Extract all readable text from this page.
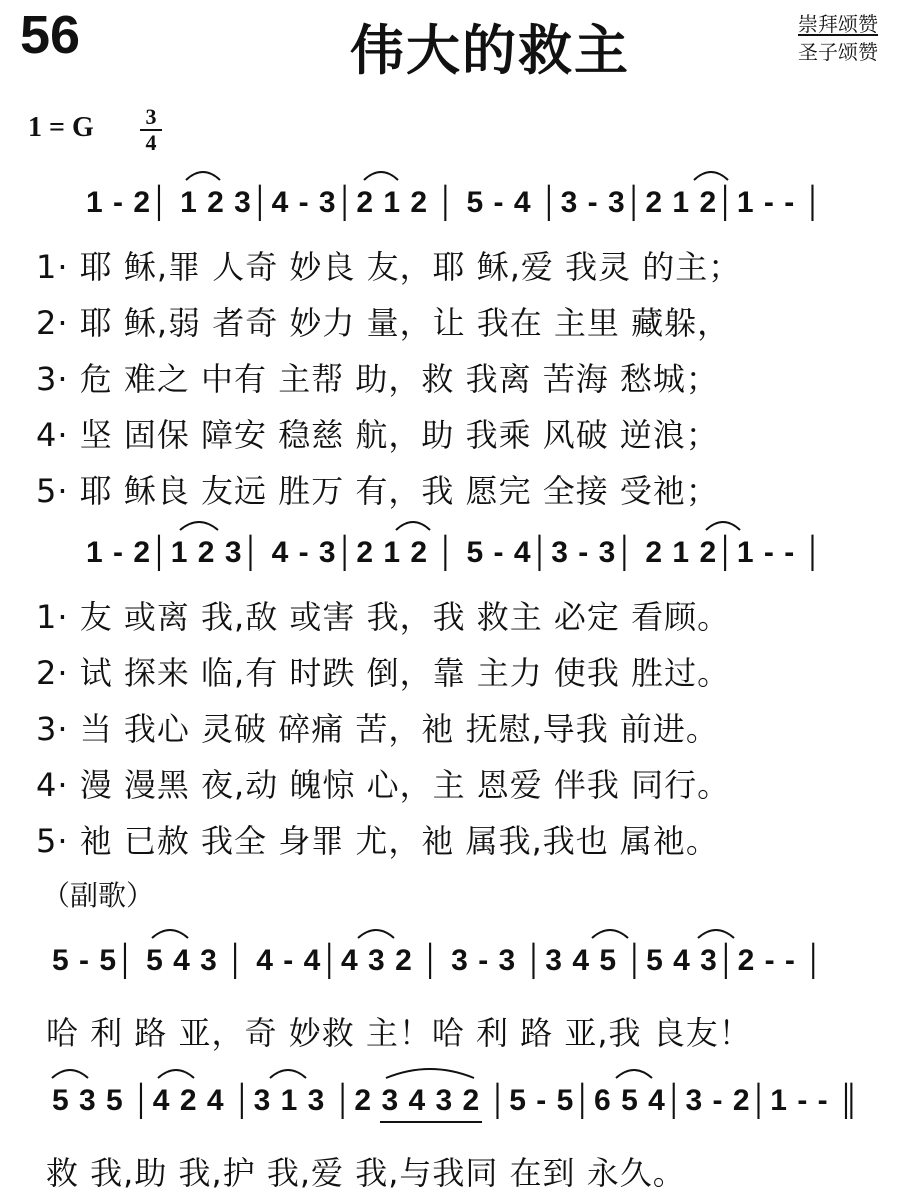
56	伟大的救主	崇拜颂赞
圣子颂赞
1 = G 3
4
1 - 2│ 1 2 3│4 - 3│2 1 2 │ 5 - 4 │3 - 3│2 1 2│1 - - │
1· 耶 稣,罪 人奇 妙良 友，耶 稣,爱 我灵 的主；
2· 耶 稣,弱 者奇 妙力 量，让 我在 主里 藏躲，
3· 危 难之 中有 主帮 助，救 我离 苦海 愁城；
4· 坚 固保 障安 稳慈 航，助 我乘 风破 逆浪；
5· 耶 稣良 友远 胜万 有，我 愿完 全接 受祂；
1 - 2│1 2 3│ 4 - 3│2 1 2 │ 5 - 4│3 - 3│ 2 1 2│1 - - │
1· 友 或离 我,敌 或害 我，我 救主 必定 看顾。
2· 试 探来 临,有 时跌 倒，靠 主力 使我 胜过。
3· 当 我心 灵破 碎痛 苦，祂 抚慰,导我 前进。
4· 漫 漫黑 夜,动 魄惊 心，主 恩爱 伴我 同行。
5· 祂 已赦 我全 身罪 尤，祂 属我,我也 属祂。
（副歌）
5 - 5│ 5 4 3 │ 4 - 4│4 3 2 │ 3 - 3 │3 4 5 │5 4 3│2 - - │
哈 利 路 亚，奇 妙救 主！哈 利 路 亚,我 良友！
5 3 5 │4 2 4 │3 1 3 │2 3 4 3 2 │5 - 5│6 5 4│3 - 2│1 - - ║
救 我,助 我,护 我,爱 我,与我同 在到 永久。
